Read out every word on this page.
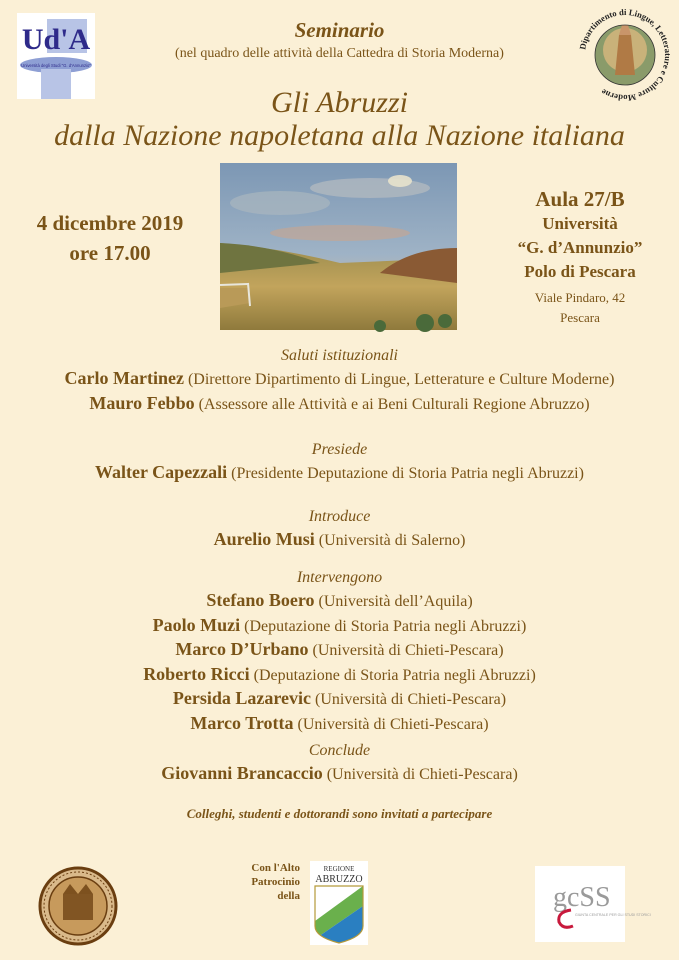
Ud'A
Università degli Studi "G. d'Annunzio"
Dipartimento di Lingue, Letterature e Culture Moderne
Seminario
(nel quadro delle attività della Cattedra di Storia Moderna)
Gli Abruzzi
dalla Nazione napoletana alla Nazione italiana
4 dicembre 2019
ore 17.00
Aula 27/B
Università
“G. d’Annunzio”
Polo di Pescara
Viale Pindaro, 42
Pescara
Saluti istituzionali
Carlo Martinez (Direttore Dipartimento di Lingue, Letterature e Culture Moderne)
Mauro Febbo (Assessore alle Attività e ai Beni Culturali Regione Abruzzo)
Presiede
Walter Capezzali (Presidente Deputazione di Storia Patria negli Abruzzi)
Introduce
Aurelio Musi (Università di Salerno)
Intervengono
Stefano Boero (Università dell’Aquila)
Paolo Muzi (Deputazione di Storia Patria negli Abruzzi)
Marco D’Urbano (Università di Chieti-Pescara)
Roberto Ricci (Deputazione di Storia Patria negli Abruzzi)
Persida Lazarevic (Università di Chieti-Pescara)
Marco Trotta (Università di Chieti-Pescara)
Conclude
Giovanni Brancaccio (Università di Chieti-Pescara)
Colleghi, studenti e dottorandi sono invitati a partecipare
Con l'Alto Patrocinio
della
REGIONE
ABRUZZO
gcSS
GIUNTA CENTRALE PER GLI STUDI STORICI
